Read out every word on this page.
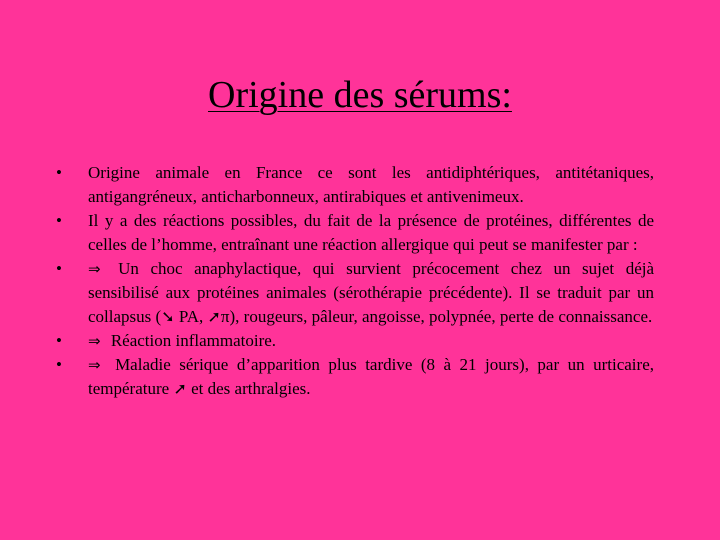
Origine des sérums:
• Origine animale en France ce sont les antidiphtériques, antitétaniques, antigangréneux, anticharbonneux, antirabiques et antivenimeux.
• Il y a des réactions possibles, du fait de la présence de protéines, différentes de celles de l’homme, entraînant une réaction allergique qui peut se manifester par :
• ⇒ Un choc anaphylactique, qui survient précocement chez un sujet déjà sensibilisé aux protéines animales (sérothérapie précédente). Il se traduit par un collapsus (➘ PA, ➚π), rougeurs, pâleur, angoisse, polypnée, perte de connaissance.
• ⇒ Réaction inflammatoire.
• ⇒ Maladie sérique d’apparition plus tardive (8 à 21 jours), par un urticaire, température ➚ et des arthralgies.
